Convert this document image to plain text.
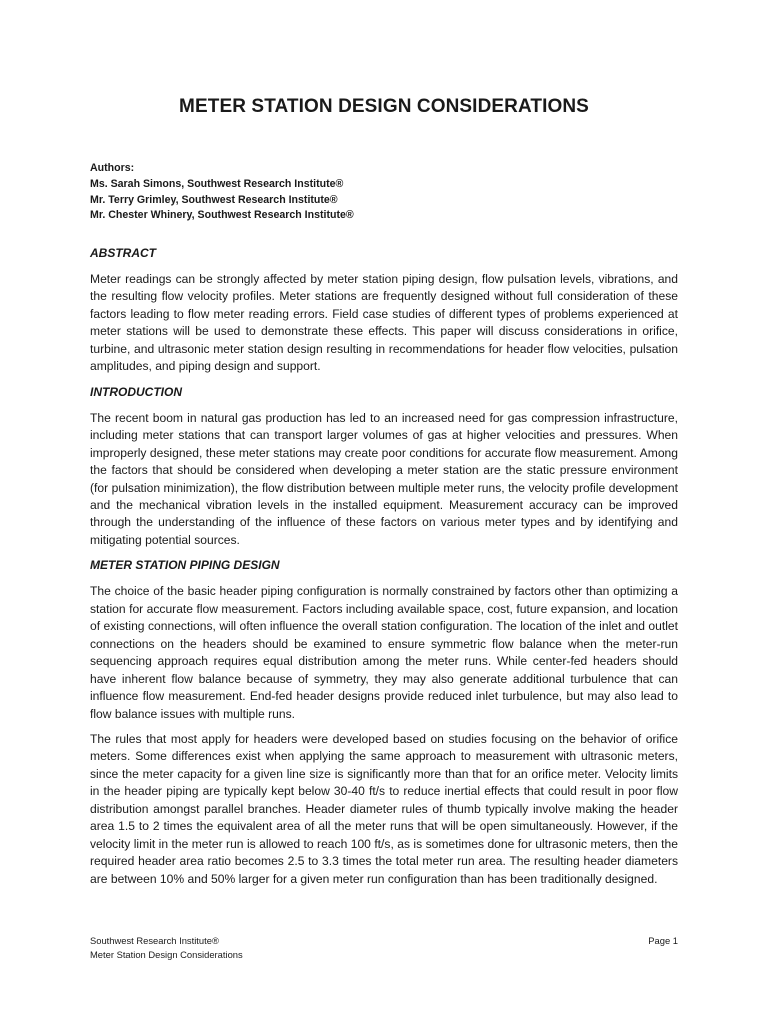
METER STATION DESIGN CONSIDERATIONS
Authors:
Ms. Sarah Simons, Southwest Research Institute®
Mr. Terry Grimley, Southwest Research Institute®
Mr. Chester Whinery, Southwest Research Institute®
ABSTRACT

Meter readings can be strongly affected by meter station piping design, flow pulsation levels, vibrations, and the resulting flow velocity profiles. Meter stations are frequently designed without full consideration of these factors leading to flow meter reading errors. Field case studies of different types of problems experienced at meter stations will be used to demonstrate these effects. This paper will discuss considerations in orifice, turbine, and ultrasonic meter station design resulting in recommendations for header flow velocities, pulsation amplitudes, and piping design and support.

INTRODUCTION

The recent boom in natural gas production has led to an increased need for gas compression infrastructure, including meter stations that can transport larger volumes of gas at higher velocities and pressures. When improperly designed, these meter stations may create poor conditions for accurate flow measurement. Among the factors that should be considered when developing a meter station are the static pressure environment (for pulsation minimization), the flow distribution between multiple meter runs, the velocity profile development and the mechanical vibration levels in the installed equipment. Measurement accuracy can be improved through the understanding of the influence of these factors on various meter types and by identifying and mitigating potential sources.

METER STATION PIPING DESIGN

The choice of the basic header piping configuration is normally constrained by factors other than optimizing a station for accurate flow measurement. Factors including available space, cost, future expansion, and location of existing connections, will often influence the overall station configuration. The location of the inlet and outlet connections on the headers should be examined to ensure symmetric flow balance when the meter-run sequencing approach requires equal distribution among the meter runs. While center-fed headers should have inherent flow balance because of symmetry, they may also generate additional turbulence that can influence flow measurement. End-fed header designs provide reduced inlet turbulence, but may also lead to flow balance issues with multiple runs.

The rules that most apply for headers were developed based on studies focusing on the behavior of orifice meters. Some differences exist when applying the same approach to measurement with ultrasonic meters, since the meter capacity for a given line size is significantly more than that for an orifice meter. Velocity limits in the header piping are typically kept below 30-40 ft/s to reduce inertial effects that could result in poor flow distribution amongst parallel branches. Header diameter rules of thumb typically involve making the header area 1.5 to 2 times the equivalent area of all the meter runs that will be open simultaneously. However, if the velocity limit in the meter run is allowed to reach 100 ft/s, as is sometimes done for ultrasonic meters, then the required header area ratio becomes 2.5 to 3.3 times the total meter run area. The resulting header diameters are between 10% and 50% larger for a given meter run configuration than has been traditionally designed.

Southwest Research Institute®
Meter Station Design Considerations
Page 1
